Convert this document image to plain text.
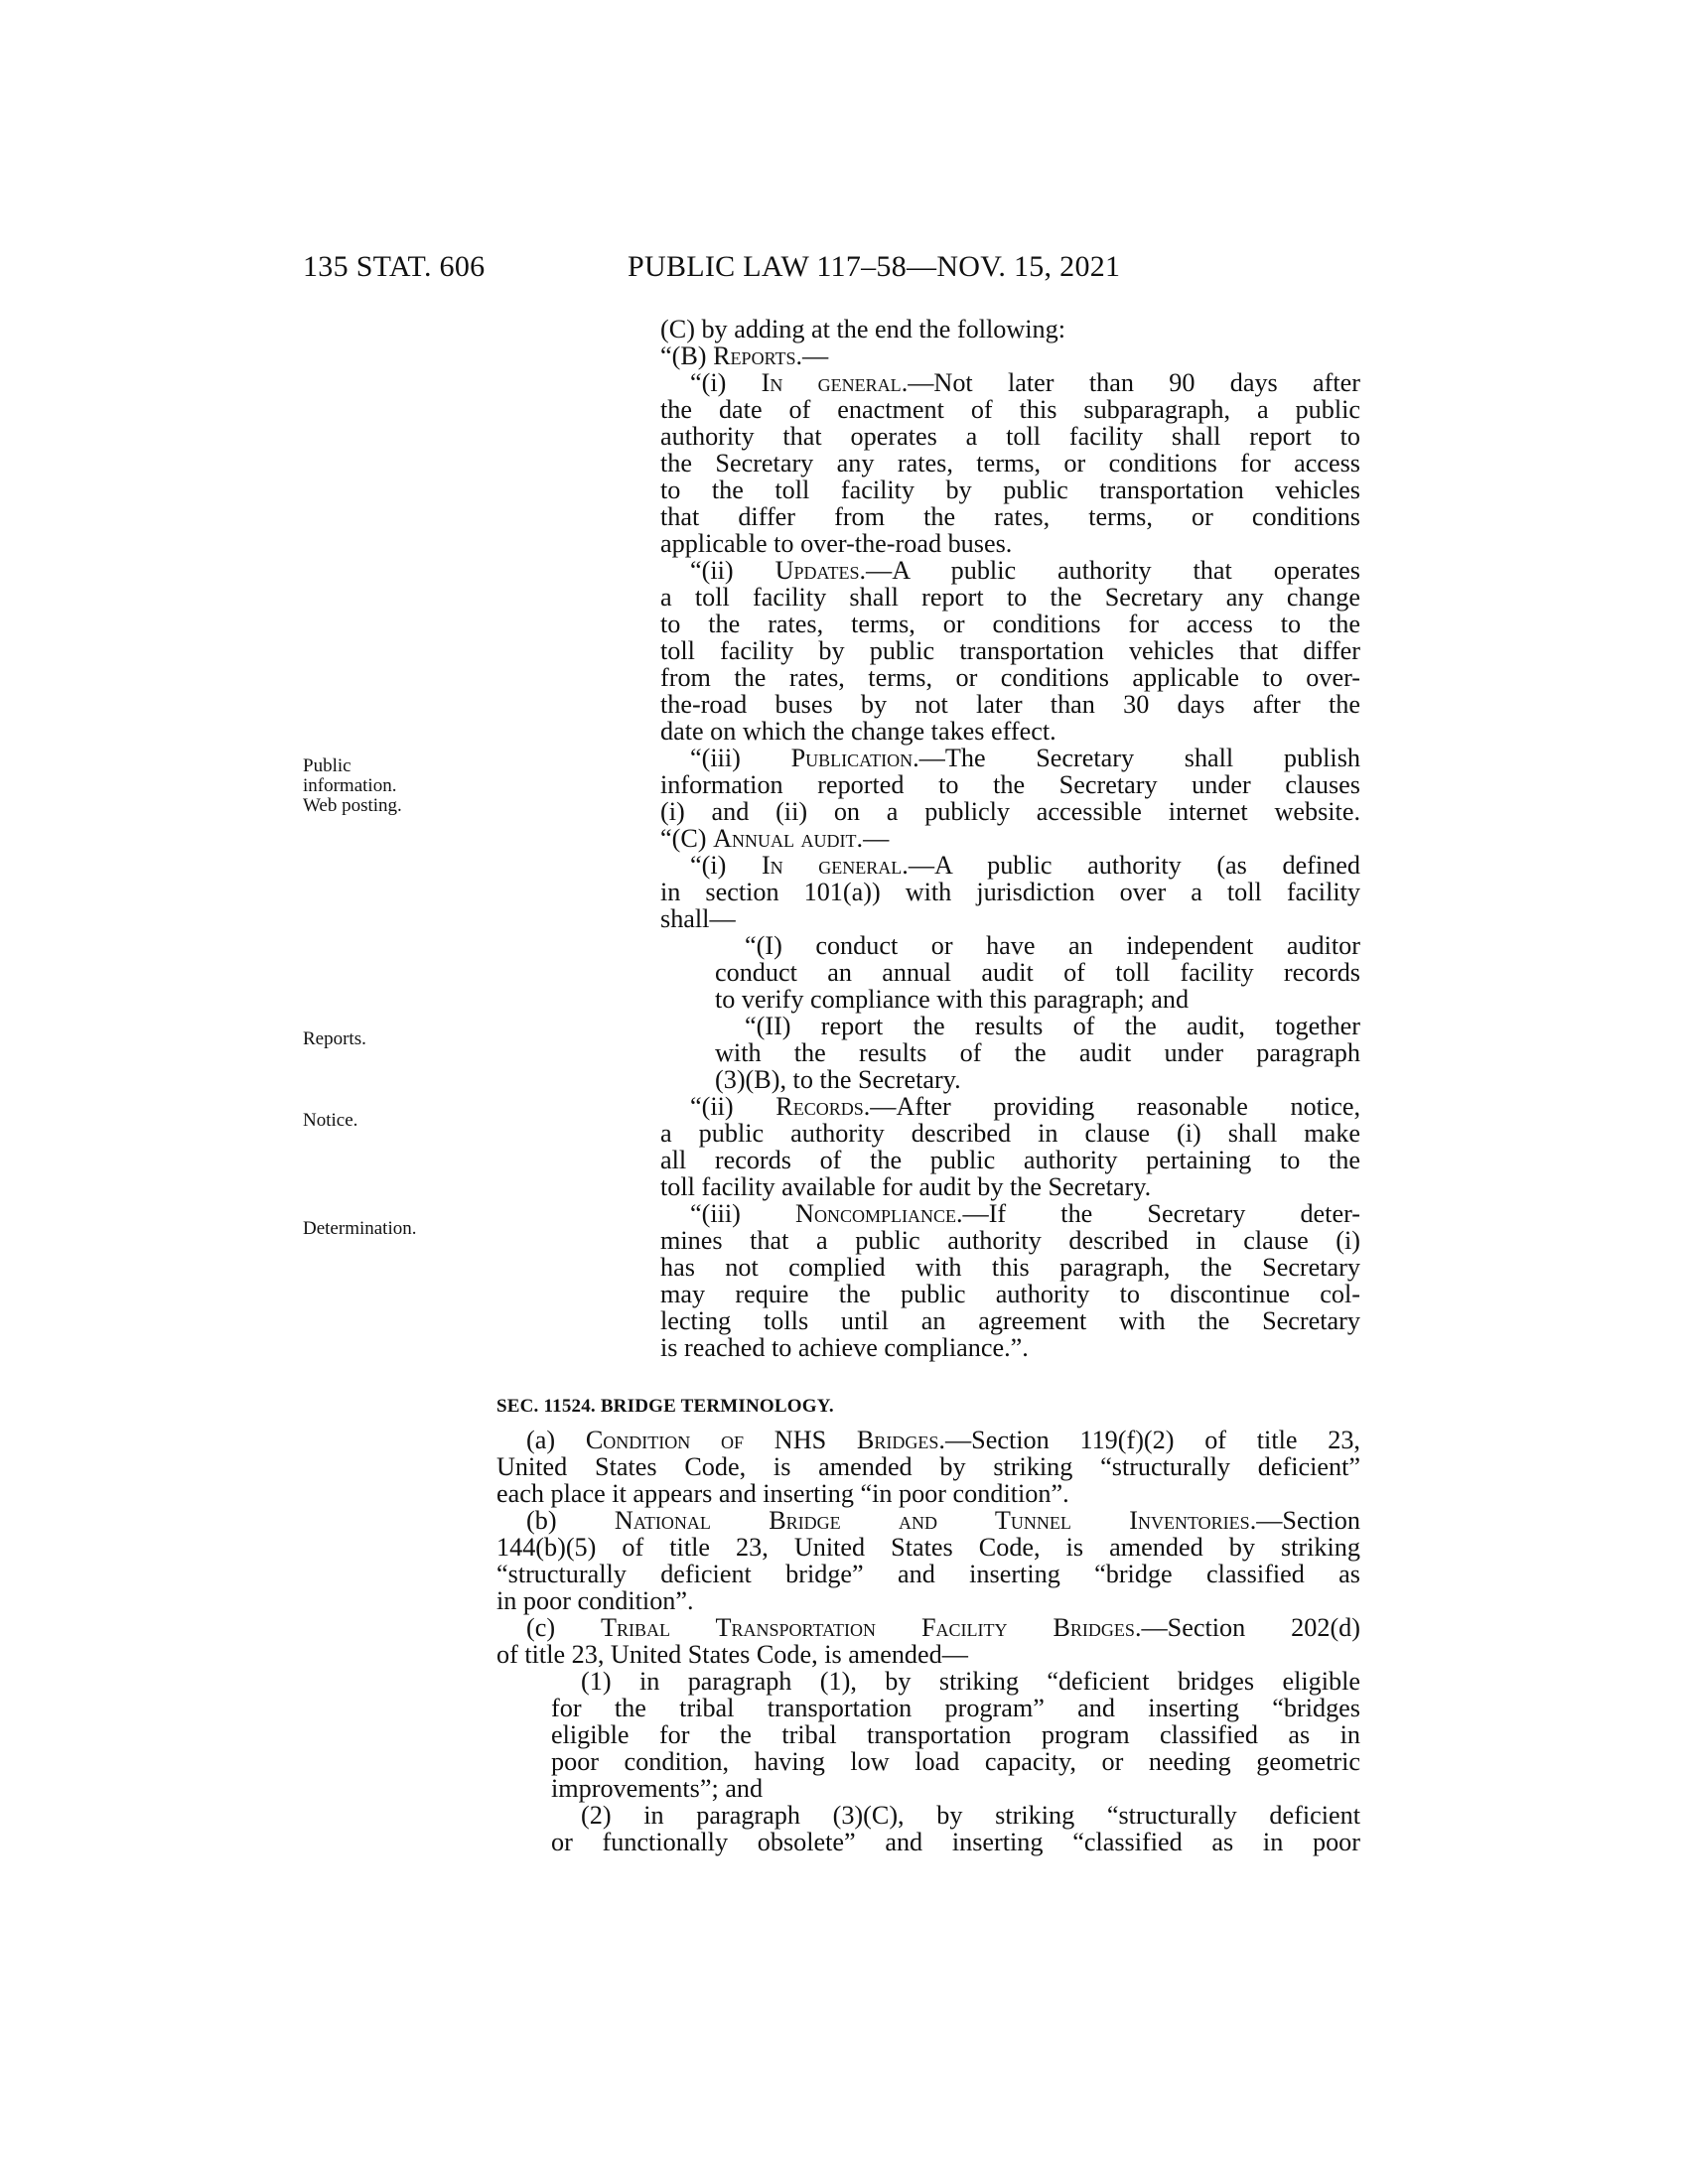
135 STAT. 606	PUBLIC LAW 117–58—NOV. 15, 2021
Public
information.
Web posting.
Reports.
Notice.
Determination.
(C) by adding at the end the following:
“(B) Reports.—
“(i) In general.—Not later than 90 days after
the date of enactment of this subparagraph, a public
authority that operates a toll facility shall report to
the Secretary any rates, terms, or conditions for access
to the toll facility by public transportation vehicles
that differ from the rates, terms, or conditions
applicable to over-the-road buses.
“(ii) Updates.—A public authority that operates
a toll facility shall report to the Secretary any change
to the rates, terms, or conditions for access to the
toll facility by public transportation vehicles that differ
from the rates, terms, or conditions applicable to over-
the-road buses by not later than 30 days after the
date on which the change takes effect.
“(iii) Publication.—The Secretary shall publish
information reported to the Secretary under clauses
(i) and (ii) on a publicly accessible internet website.
“(C) Annual audit.—
“(i) In general.—A public authority (as defined
in section 101(a)) with jurisdiction over a toll facility
shall—
“(I) conduct or have an independent auditor
conduct an annual audit of toll facility records
to verify compliance with this paragraph; and
“(II) report the results of the audit, together
with the results of the audit under paragraph
(3)(B), to the Secretary.
“(ii) Records.—After providing reasonable notice,
a public authority described in clause (i) shall make
all records of the public authority pertaining to the
toll facility available for audit by the Secretary.
“(iii) Noncompliance.—If the Secretary deter-
mines that a public authority described in clause (i)
has not complied with this paragraph, the Secretary
may require the public authority to discontinue col-
lecting tolls until an agreement with the Secretary
is reached to achieve compliance.”.
SEC. 11524. BRIDGE TERMINOLOGY.
(a) Condition of NHS Bridges.—Section 119(f)(2) of title 23,
United States Code, is amended by striking “structurally deficient”
each place it appears and inserting “in poor condition”.
(b) National Bridge and Tunnel Inventories.—Section
144(b)(5) of title 23, United States Code, is amended by striking
“structurally deficient bridge” and inserting “bridge classified as
in poor condition”.
(c) Tribal Transportation Facility Bridges.—Section 202(d)
of title 23, United States Code, is amended—
(1) in paragraph (1), by striking “deficient bridges eligible
for the tribal transportation program” and inserting “bridges
eligible for the tribal transportation program classified as in
poor condition, having low load capacity, or needing geometric
improvements”; and
(2) in paragraph (3)(C), by striking “structurally deficient
or functionally obsolete” and inserting “classified as in poor
